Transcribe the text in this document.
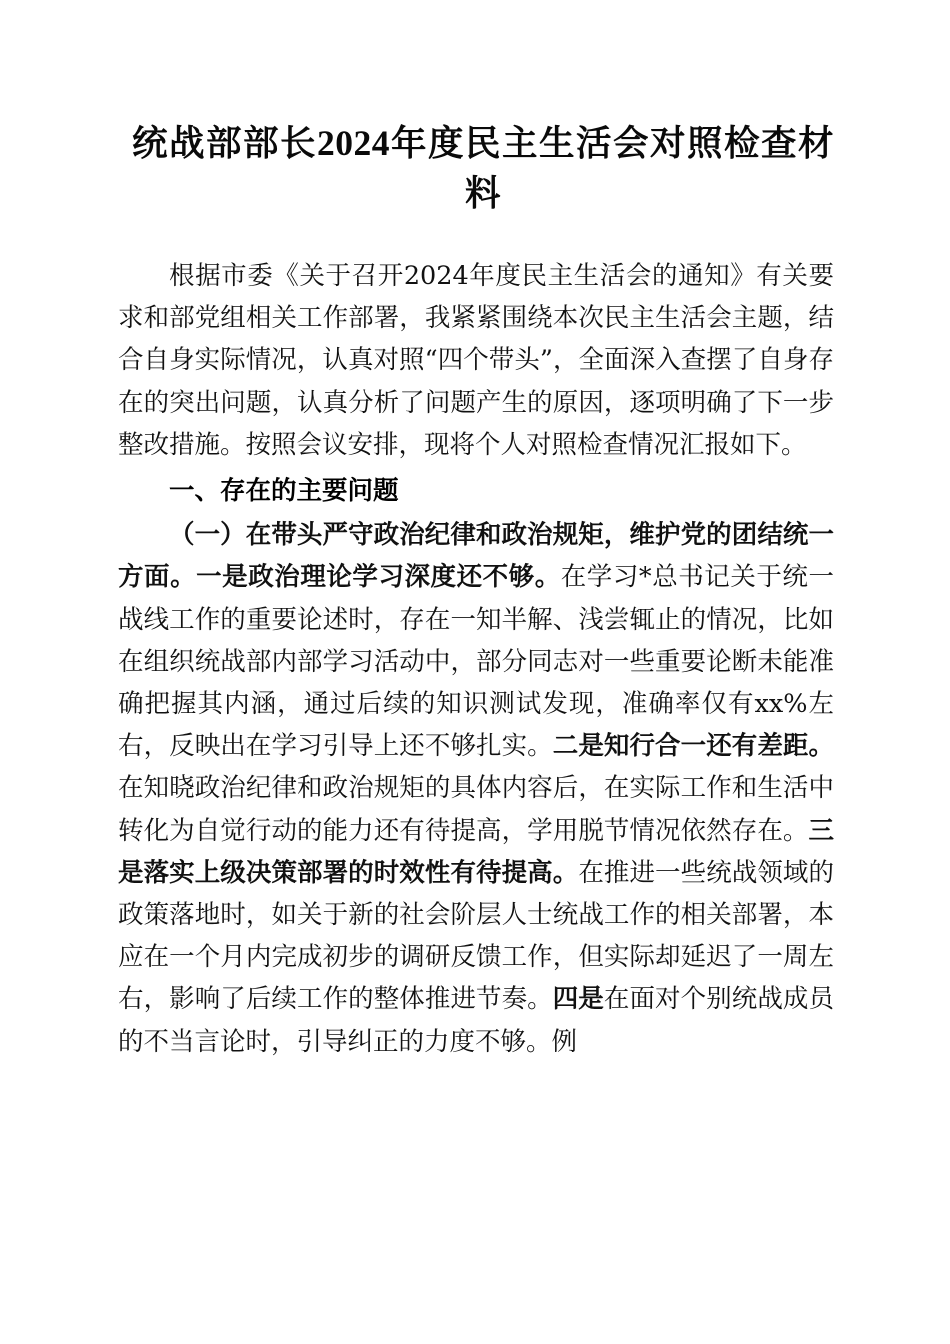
统战部部长2024年度民主生活会对照检查材料

根据市委《关于召开2024年度民主生活会的通知》有关要求和部党组相关工作部署，我紧紧围绕本次民主生活会主题，结合自身实际情况，认真对照“四个带头”，全面深入查摆了自身存在的突出问题，认真分析了问题产生的原因，逐项明确了下一步整改措施。按照会议安排，现将个人对照检查情况汇报如下。

一、存在的主要问题

（一）在带头严守政治纪律和政治规矩，维护党的团结统一方面。一是政治理论学习深度还不够。在学习*总书记关于统一战线工作的重要论述时，存在一知半解、浅尝辄止的情况，比如在组织统战部内部学习活动中，部分同志对一些重要论断未能准确把握其内涵，通过后续的知识测试发现，准确率仅有xx%左右，反映出在学习引导上还不够扎实。二是知行合一还有差距。在知晓政治纪律和政治规矩的具体内容后，在实际工作和生活中转化为自觉行动的能力还有待提高，学用脱节情况依然存在。三是落实上级决策部署的时效性有待提高。在推进一些统战领域的政策落地时，如关于新的社会阶层人士统战工作的相关部署，本应在一个月内完成初步的调研反馈工作，但实际却延迟了一周左右，影响了后续工作的整体推进节奏。四是在面对个别统战成员的不当言论时，引导纠正的力度不够。例
